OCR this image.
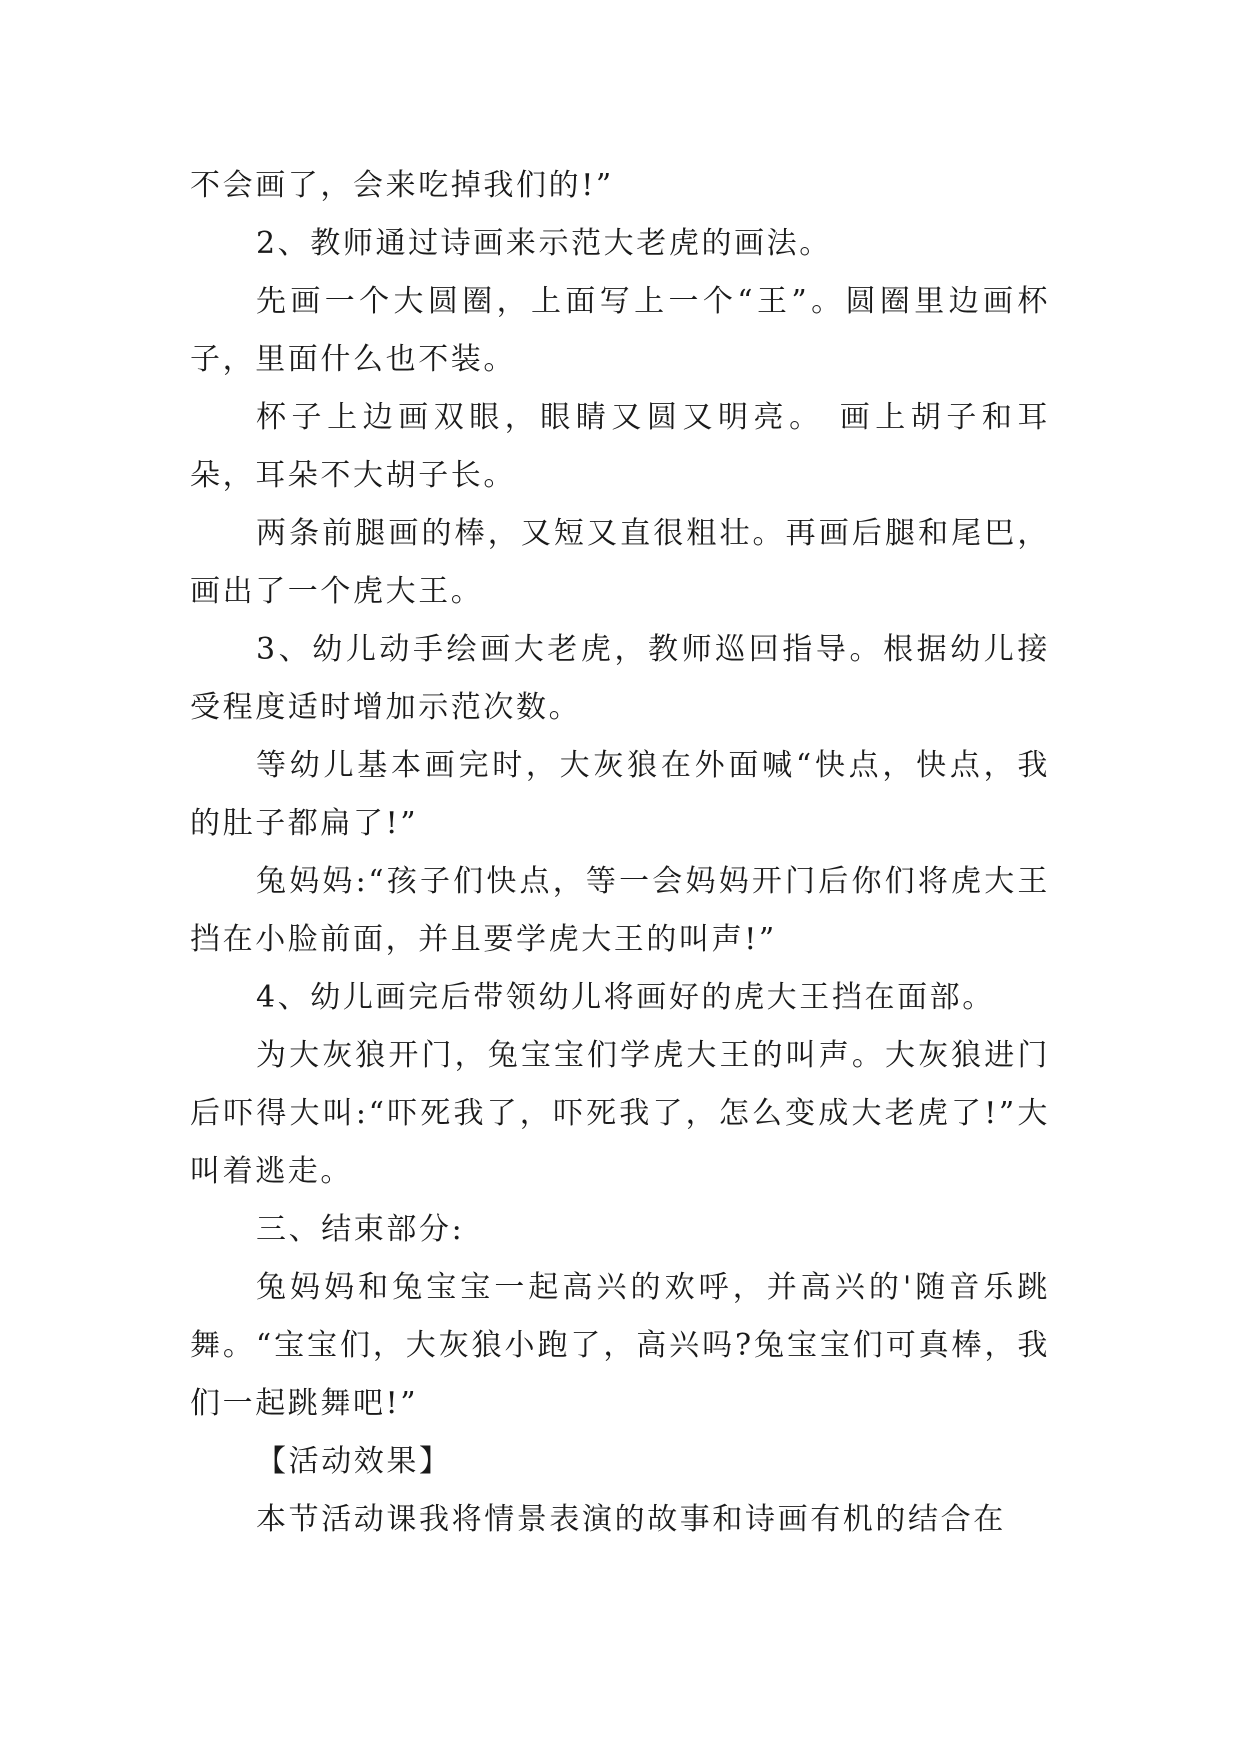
不会画了，会来吃掉我们的!”

2、教师通过诗画来示范大老虎的画法。

先画一个大圆圈，上面写上一个“王”。圆圈里边画杯子，里面什么也不装。

杯子上边画双眼，眼睛又圆又明亮。 画上胡子和耳朵，耳朵不大胡子长。

两条前腿画的棒，又短又直很粗壮。再画后腿和尾巴，画出了一个虎大王。

3、幼儿动手绘画大老虎，教师巡回指导。根据幼儿接受程度适时增加示范次数。

等幼儿基本画完时，大灰狼在外面喊“快点，快点，我的肚子都扁了!”

兔妈妈:“孩子们快点，等一会妈妈开门后你们将虎大王挡在小脸前面，并且要学虎大王的叫声!”

4、幼儿画完后带领幼儿将画好的虎大王挡在面部。

为大灰狼开门，兔宝宝们学虎大王的叫声。大灰狼进门后吓得大叫:“吓死我了，吓死我了，怎么变成大老虎了!”大叫着逃走。

三、结束部分:

兔妈妈和兔宝宝一起高兴的欢呼，并高兴的'随音乐跳舞。“宝宝们，大灰狼小跑了，高兴吗?兔宝宝们可真棒，我们一起跳舞吧!”

【活动效果】

本节活动课我将情景表演的故事和诗画有机的结合在
